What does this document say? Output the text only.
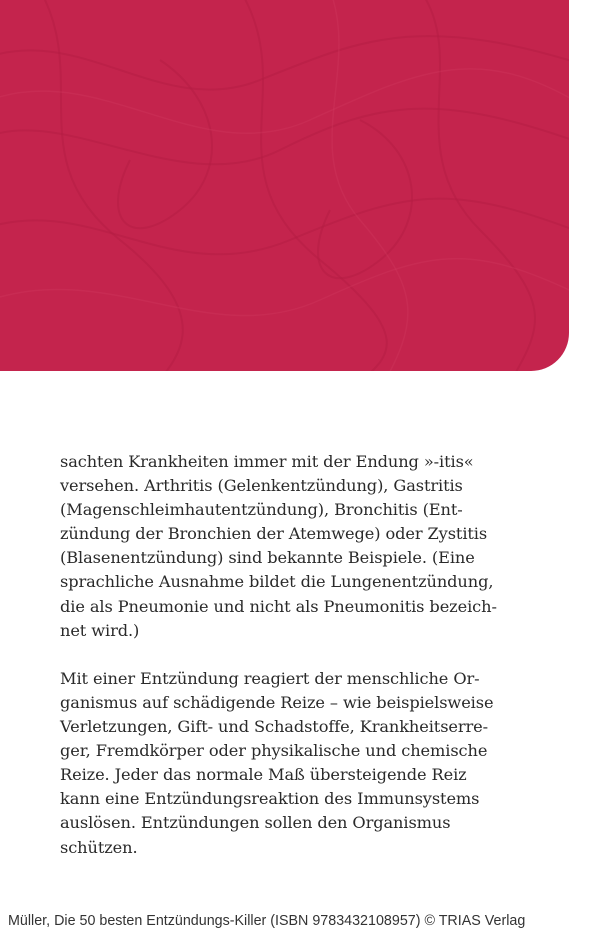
sachten Krankheiten immer mit der Endung »-itis«
versehen. Arthritis (Gelenkentzündung), Gastritis
(Magenschleimhautentzündung), Bronchitis (Ent-
zündung der Bronchien der Atemwege) oder Zystitis
(Blasenentzündung) sind bekannte Beispiele. (Eine
sprachliche Ausnahme bildet die Lungenentzündung,
die als Pneumonie und nicht als Pneumonitis bezeich-
net wird.)
Mit einer Entzündung reagiert der menschliche Or-
ganismus auf schädigende Reize – wie beispielsweise
Verletzungen, Gift- und Schadstoffe, Krankheitserre-
ger, Fremdkörper oder physikalische und chemische
Reize. Jeder das normale Maß übersteigende Reiz
kann eine Entzündungsreaktion des Immunsystems
auslösen. Entzündungen sollen den Organismus
schützen.
Müller, Die 50 besten Entzündungs-Killer (ISBN 9783432108957) © TRIAS Verlag
